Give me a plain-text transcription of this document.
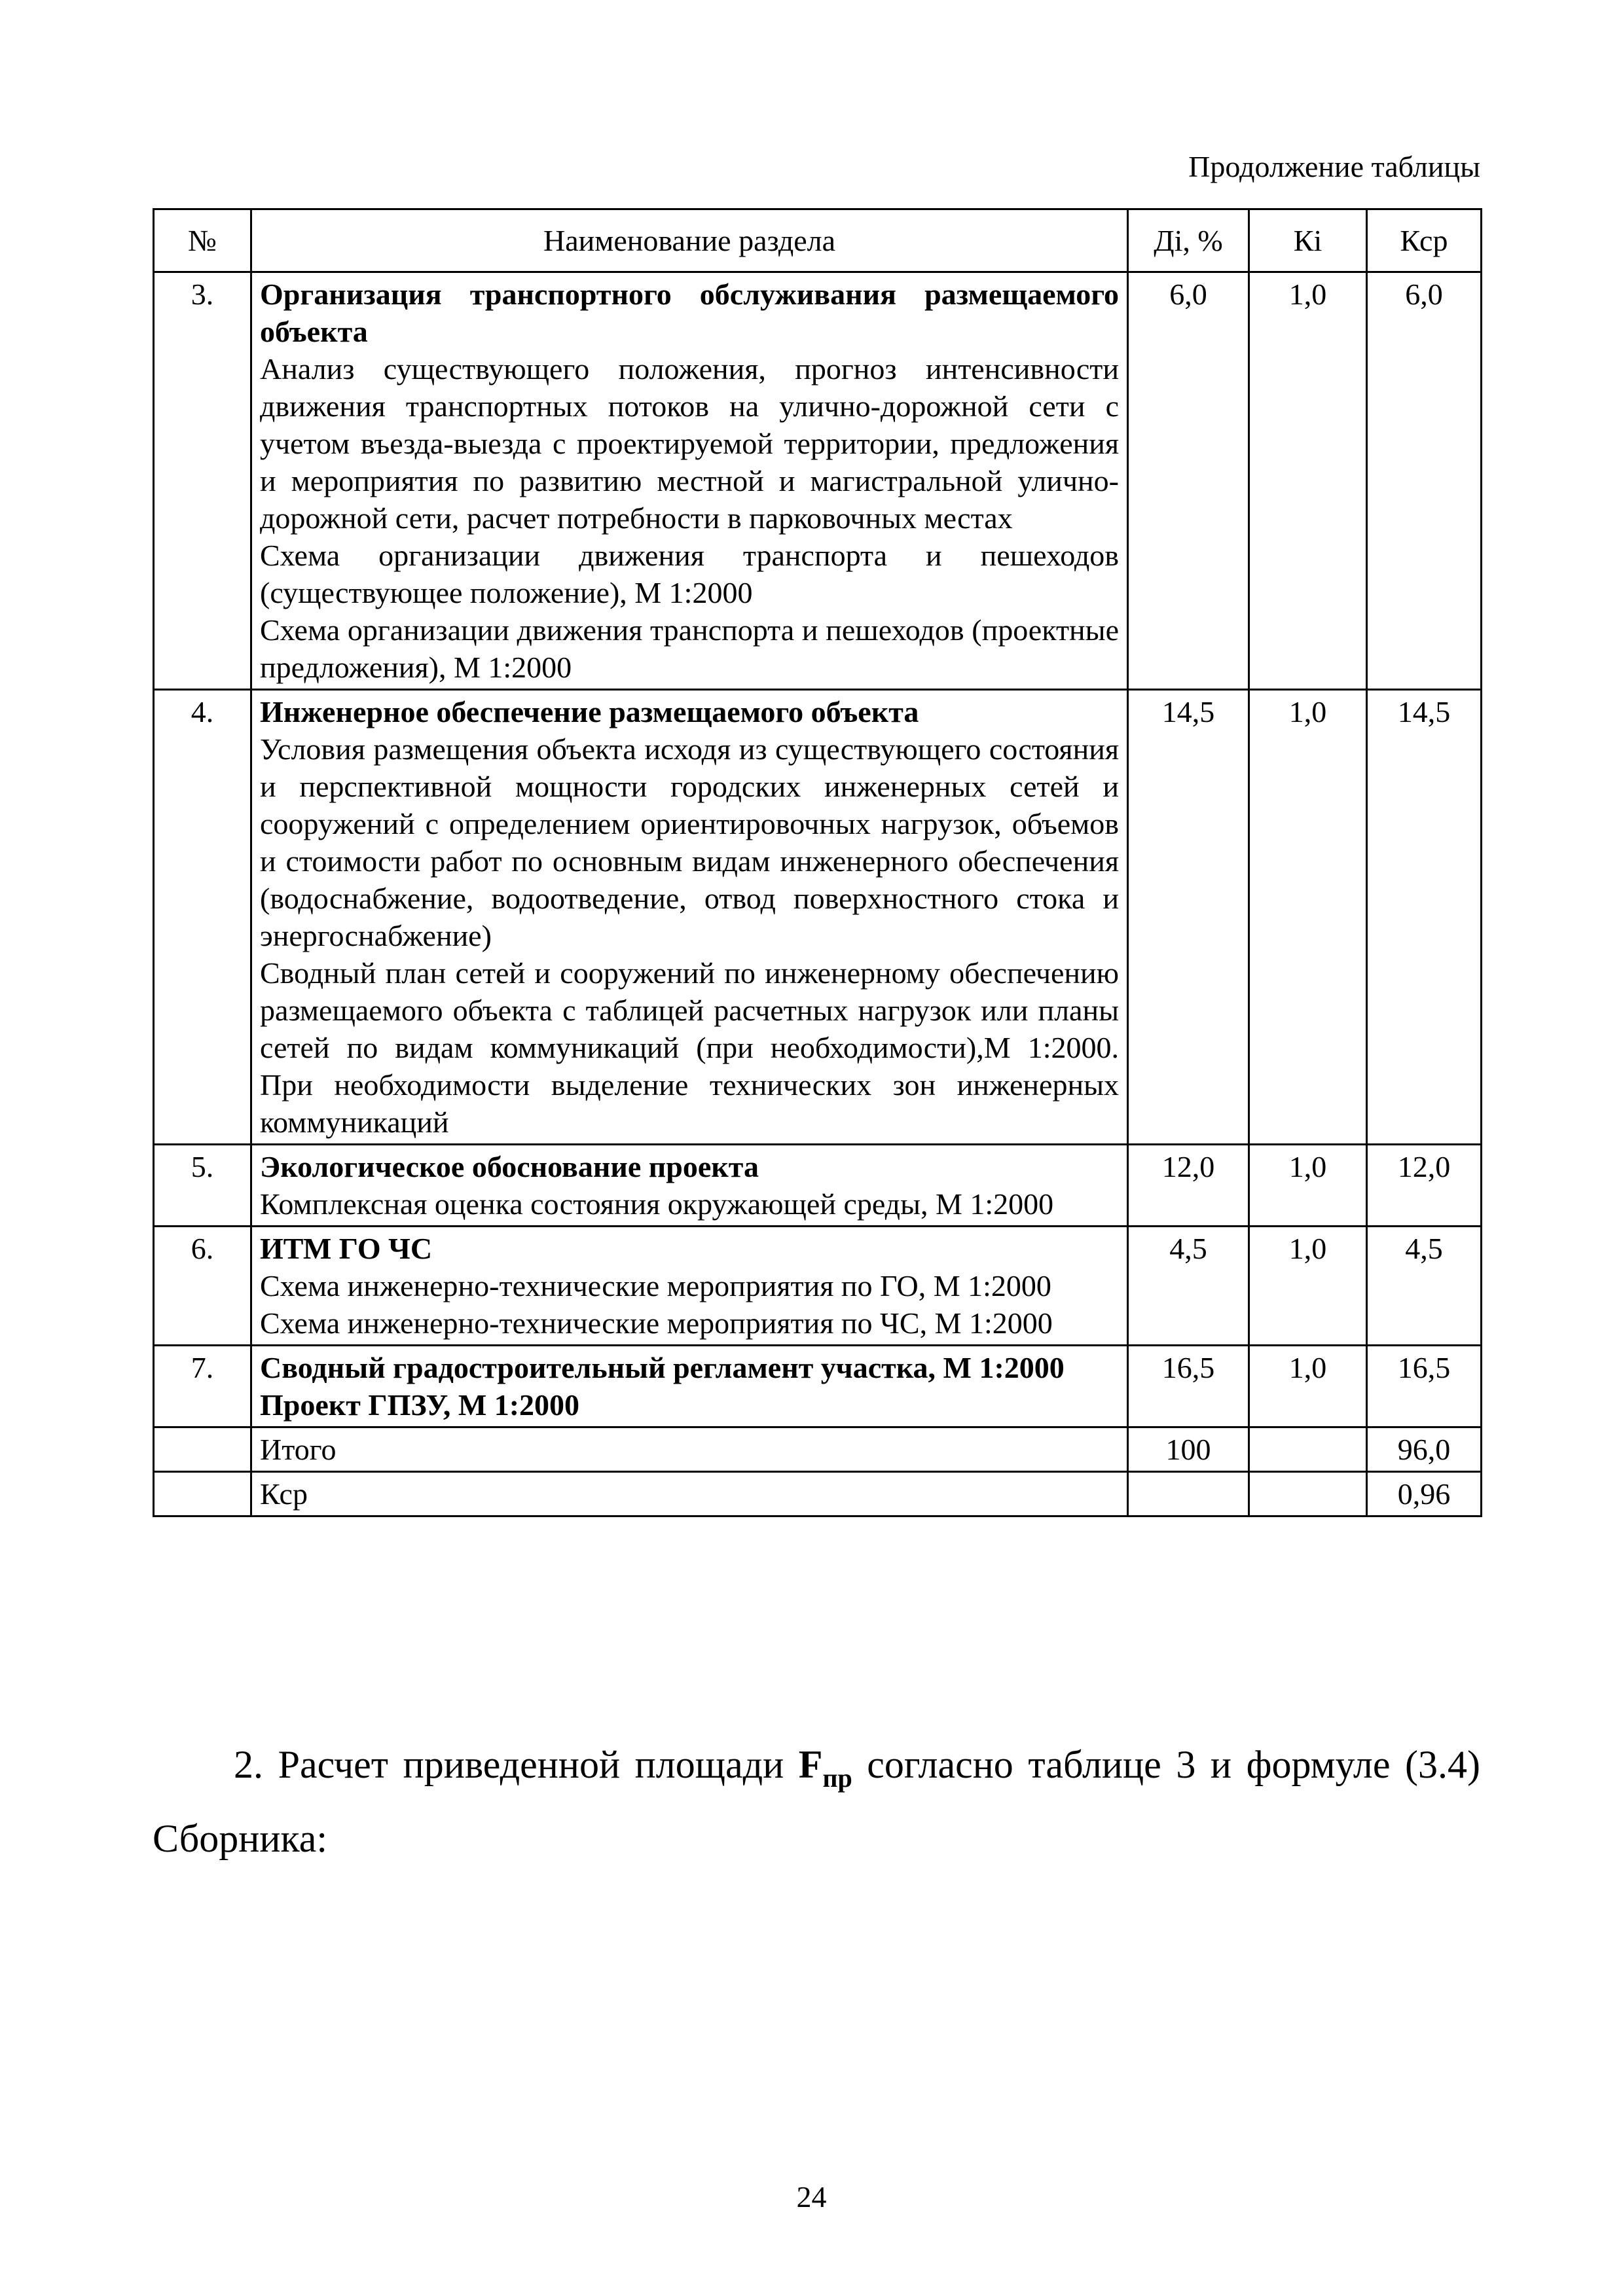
Продолжение таблицы
№	Наименование раздела	Дi, %	Кi	Кср
3.	Организация транспортного обслуживания размещаемого объекта
Анализ существующего положения, прогноз интенсивности движения транспортных потоков на улично-дорожной сети с учетом въезда-выезда с проектируемой территории, предложения и мероприятия по развитию местной и магистральной улично-дорожной сети, расчет потребности в парковочных местах
Схема организации движения транспорта и пешеходов (существующее положение), М 1:2000
Схема организации движения транспорта и пешеходов (проектные предложения), М 1:2000	6,0	1,0	6,0
4.	Инженерное обеспечение размещаемого объекта
Условия размещения объекта исходя из существующего состояния и перспективной мощности городских инженерных сетей и сооружений с определением ориентировочных нагрузок, объемов и стоимости работ по основным видам инженерного обеспечения (водоснабжение, водоотведение, отвод поверхностного стока и энергоснабжение)
Сводный план сетей и сооружений по инженерному обеспечению размещаемого объекта с таблицей расчетных нагрузок или планы сетей по видам коммуникаций (при необходимости),М 1:2000. При необходимости выделение технических зон инженерных коммуникаций	14,5	1,0	14,5
5.	Экологическое обоснование проекта
Комплексная оценка состояния окружающей среды, М 1:2000	12,0	1,0	12,0
6.	ИТМ ГО ЧС
Схема инженерно-технические мероприятия по ГО, М 1:2000
Схема инженерно-технические мероприятия по ЧС, М 1:2000	4,5	1,0	4,5
7.	Сводный градостроительный регламент участка, М 1:2000
Проект ГПЗУ, М 1:2000	16,5	1,0	16,5
	Итого	100		96,0
	Кср			0,96
2. Расчет приведенной площади $F_{пр}$ согласно таблице 3 и формуле (3.4) Сборника:
24
